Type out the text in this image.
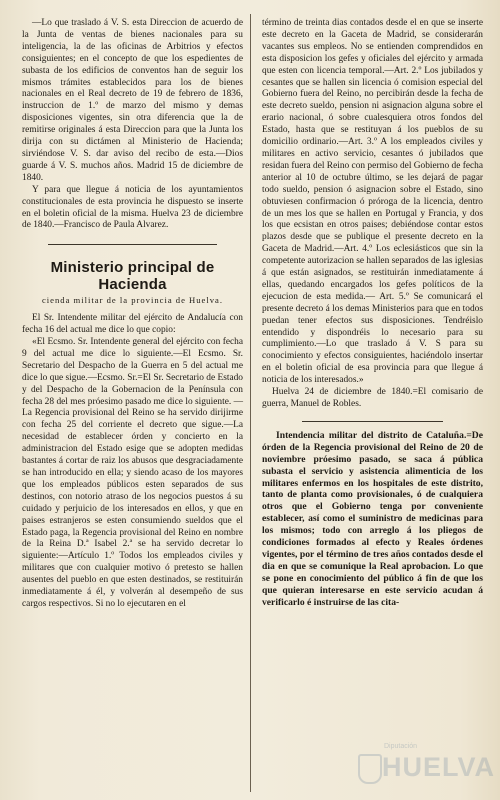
—Lo que traslado á V. S. esta Direccion de acuerdo de la Junta de ventas de bienes nacionales para su inteligencia, la de las oficinas de Arbitrios y efectos consiguientes; en el concepto de que los espedientes de subasta de los edificios de conventos han de seguir los mismos trámites establecidos para los de bienes nacionales en el Real decreto de 19 de febrero de 1836, instruccion de 1.º de marzo del mismo y demas disposiciones vigentes, sin otra diferencia que la de remitirse originales á esta Direccion para que la Junta los dirija con su dictámen al Ministerio de Hacienda; sirviéndose V. S. dar aviso del recibo de esta.—Dios guarde á V. S. muchos años. Madrid 15 de diciembre de 1840.

Y para que llegue á noticia de los ayuntamientos constitucionales de esta provincia he dispuesto se inserte en el boletin oficial de la misma. Huelva 23 de diciembre de 1840.—Francisco de Paula Alvarez.

Ministerio principal de Hacienda
cienda militar de la provincia de Huelva.

El Sr. Intendente militar del ejército de Andalucía con fecha 16 del actual me dice lo que copio:

«El Ecsmo. Sr. Intendente general del ejército con fecha 9 del actual me dice lo siguiente.—El Ecsmo. Sr. Secretario del Despacho de la Guerra en 5 del actual me dice lo que sigue.—Ecsmo. Sr.=El Sr. Secretario de Estado y del Despacho de la Gobernacion de la Península con fecha 28 del mes próesimo pasado me dice lo siguiente. —La Regencia provisional del Reino se ha servido dirijirme con fecha 25 del corriente el decreto que sigue.—La necesidad de establecer órden y concierto en la administracion del Estado esige que se adopten medidas bastantes á cortar de raiz los abusos que desgraciadamente se han introducido en ella; y siendo acaso de los mayores que los empleados públicos esten separados de sus destinos, con notorio atraso de los negocios puestos á su cuidado y perjuicio de los interesados en ellos, y que en paises estranjeros se esten consumiendo sueldos que el Estado paga, la Regencia provisional del Reino en nombre de la Reina D.ª Isabel 2.ª se ha servido decretar lo siguiente:—Artículo 1.º Todos los empleados civiles y militares que con cualquier motivo ó pretesto se hallen ausentes del pueblo en que esten destinados, se restituirán inmediatamente á él, y volverán al desempeño de sus cargos respectivos. Si no lo ejecutaren en el

término de treinta dias contados desde el en que se inserte este decreto en la Gaceta de Madrid, se considerarán vacantes sus empleos. No se entienden comprendidos en esta disposicion los gefes y oficiales del ejército y armada que esten con licencia temporal.—Art. 2.º Los jubilados y cesantes que se hallen sin licencia ó comision especial del Gobierno fuera del Reino, no percibirán desde la fecha de este decreto sueldo, pension ni asignacion alguna sobre el erario nacional, ó sobre cualesquiera otros fondos del Estado, hasta que se restituyan á los pueblos de su domicilio ordinario.—Art. 3.º A los empleados civiles y militares en activo servicio, cesantes ó jubilados que residan fuera del Reino con permiso del Gobierno de fecha anterior al 10 de octubre último, se les dejará de pagar todo sueldo, pension ó asignacion sobre el Estado, sino obtuviesen confirmacion ó próroga de la licencia, dentro de un mes los que se hallen en Portugal y Francia, y dos los que ecsistan en otros paises; debiéndose contar estos plazos desde que se publique el presente decreto en la Gaceta de Madrid.—Art. 4.º Los eclesiásticos que sin la competente autorizacion se hallen separados de las iglesias á que están asignados, se restituirán inmediatamente á ellas, quedando encargados los gefes políticos de la ejecucion de esta medida.— Art. 5.º Se comunicará el presente decreto á los demas Ministerios para que en todos puedan tener efectos sus disposiciones. Tendréislo entendido y dispondréis lo necesario para su cumplimiento.—Lo que traslado á V. S para su conocimiento y efectos consiguientes, haciéndolo insertar en el boletin oficial de esa provincia para que llegue á noticia de los interesados.»

Huelva 24 de diciembre de 1840.=El comisario de guerra, Manuel de Robles.

Intendencia militar del distrito de Cataluña.=De órden de la Regencia provisional del Reino de 20 de noviembre próesimo pasado, se saca á pública subasta el servicio y asistencia alimenticia de los militares enfermos en los hospitales de este distrito, tanto de planta como provisionales, ó de cualquiera otros que el Gobierno tenga por conveniente establecer, así como el suministro de medicinas para los mismos; todo con arreglo á los pliegos de condiciones formados al efecto y Reales órdenes vigentes, por el término de tres años contados desde el dia en que se comunique la Real aprobacion. Lo que se pone en conocimiento del público á fin de que los que quieran interesarse en este servicio acudan á verificarlo é instruirse de las cita-

Diputación
HUELVA
